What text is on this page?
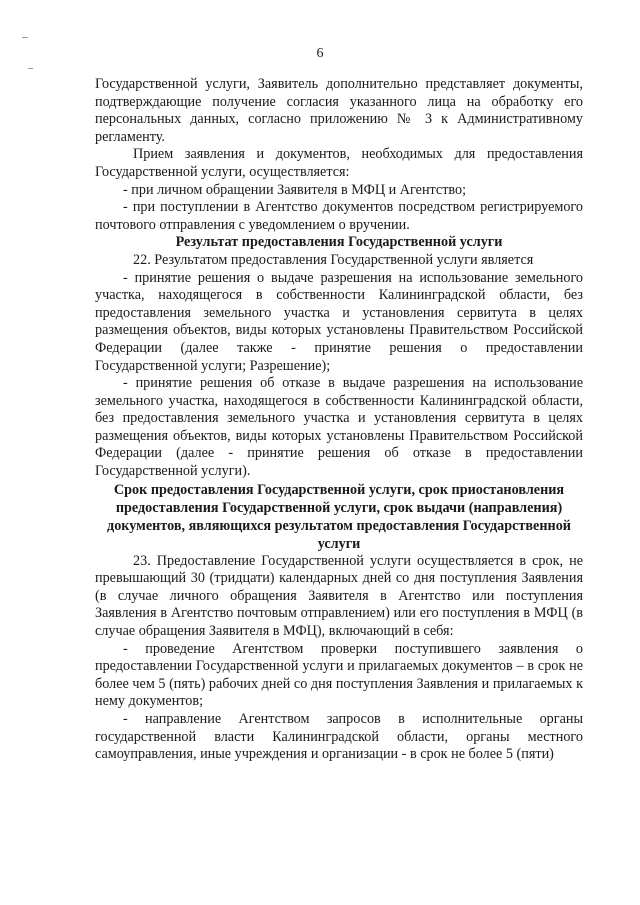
6

Государственной услуги, Заявитель дополнительно представляет документы, подтверждающие получение согласия указанного лица на обработку его персональных данных, согласно приложению № 3 к Административному регламенту.

Прием заявления и документов, необходимых для предоставления Государственной услуги, осуществляется:

- при личном обращении Заявителя в МФЦ и Агентство;

- при поступлении в Агентство документов посредством регистрируемого почтового отправления с уведомлением о вручении.

Результат предоставления Государственной услуги

22. Результатом предоставления Государственной услуги является

- принятие решения о выдаче разрешения на использование земельного участка, находящегося в собственности Калининградской области, без предоставления земельного участка и установления сервитута в целях размещения объектов, виды которых установлены Правительством Российской Федерации (далее также - принятие решения о предоставлении Государственной услуги; Разрешение);

- принятие решения об отказе в выдаче разрешения на использование земельного участка, находящегося в собственности Калининградской области, без предоставления земельного участка и установления сервитута в целях размещения объектов, виды которых установлены Правительством Российской Федерации (далее - принятие решения об отказе в предоставлении Государственной услуги).

Срок предоставления Государственной услуги, срок приостановления предоставления Государственной услуги, срок выдачи (направления) документов, являющихся результатом предоставления Государственной услуги

23. Предоставление Государственной услуги осуществляется в срок, не превышающий 30 (тридцати) календарных дней со дня поступления Заявления (в случае личного обращения Заявителя в Агентство или поступления Заявления в Агентство почтовым отправлением) или его поступления в МФЦ (в случае обращения Заявителя в МФЦ), включающий в себя:

- проведение Агентством проверки поступившего заявления о предоставлении Государственной услуги и прилагаемых документов – в срок не более чем 5 (пять) рабочих дней со дня поступления Заявления и прилагаемых к нему документов;

- направление Агентством запросов в исполнительные органы государственной власти Калининградской области, органы местного самоуправления, иные учреждения и организации - в срок не более 5 (пяти)
